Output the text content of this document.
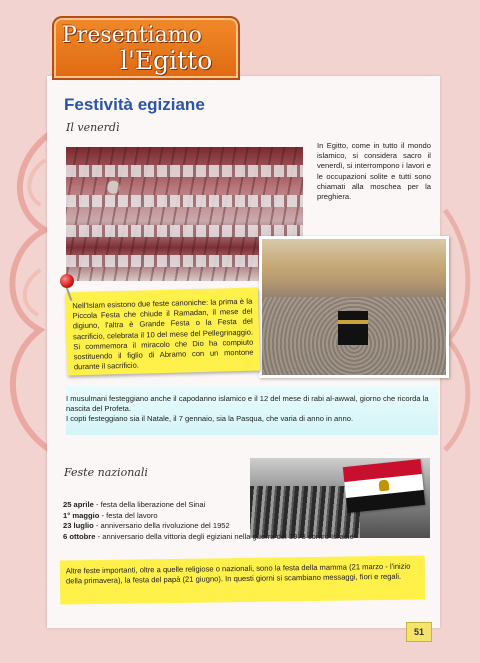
Presentiamo
l'Egitto
Festività egiziane
Il venerdì
In Egitto, come in tutto il mondo islamico, si considera sacro il venerdì, si interrompono i lavori e le occupazioni solite e tutti sono chiamati alla moschea per la preghiera.
Nell'Islam esistono due feste canoniche: la prima è la Piccola Festa che chiude il Ramadan, il mese del digiuno, l'altra è Grande Festa o la Festa del sacrificio, celebrata il 10 del mese del Pellegrinaggio. Si commemora il miracolo che Dio ha compiuto sostituendo il figlio di Abramo con un montone durante il sacrificio.
I musulmani festeggiano anche il capodanno islamico e il 12 del mese di rabi al-awwal, giorno che ricorda la nascita del Profeta.
I copti festeggiano sia il Natale, il 7 gennaio, sia la Pasqua, che varia di anno in anno.
Feste nazionali
25 aprile - festa della liberazione del Sinai
1° maggio - festa del lavoro
23 luglio - anniversario della rivoluzione del 1952
6 ottobre - anniversario della vittoria degli egiziani nella guerra del 1973 contro Israele
Altre feste importanti, oltre a quelle religiose o nazionali, sono la festa della mamma (21 marzo - l'inizio della primavera), la festa del papà (21 giugno). In questi giorni si scambiano messaggi, fiori e regali.
51
